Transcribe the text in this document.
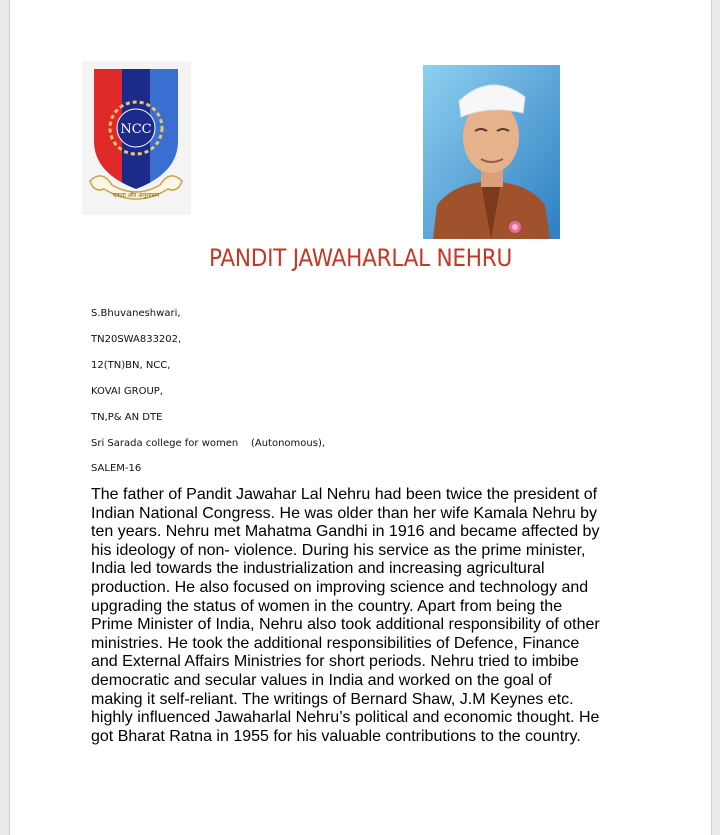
NCC
एकता और अनुशासन
PANDIT JAWAHARLAL NEHRU
S.Bhuvaneshwari,
TN20SWA833202,
12(TN)BN, NCC,
KOVAI GROUP,
TN,P& AN DTE
Sri Sarada college for women    (Autonomous),
SALEM-16
The father of Pandit Jawahar Lal Nehru had been twice the president of
Indian National Congress. He was older than her wife Kamala Nehru by
ten years. Nehru met Mahatma Gandhi in 1916 and became affected by
his ideology of non- violence. During his service as the prime minister,
India led towards the industrialization and increasing agricultural
production. He also focused on improving science and technology and
upgrading the status of women in the country. Apart from being the
Prime Minister of India, Nehru also took additional responsibility of other
ministries. He took the additional responsibilities of Defence, Finance
and External Affairs Ministries for short periods. Nehru tried to imbibe
democratic and secular values in India and worked on the goal of
making it self-reliant. The writings of Bernard Shaw, J.M Keynes etc.
highly influenced Jawaharlal Nehru’s political and economic thought. He
got Bharat Ratna in 1955 for his valuable contributions to the country.
